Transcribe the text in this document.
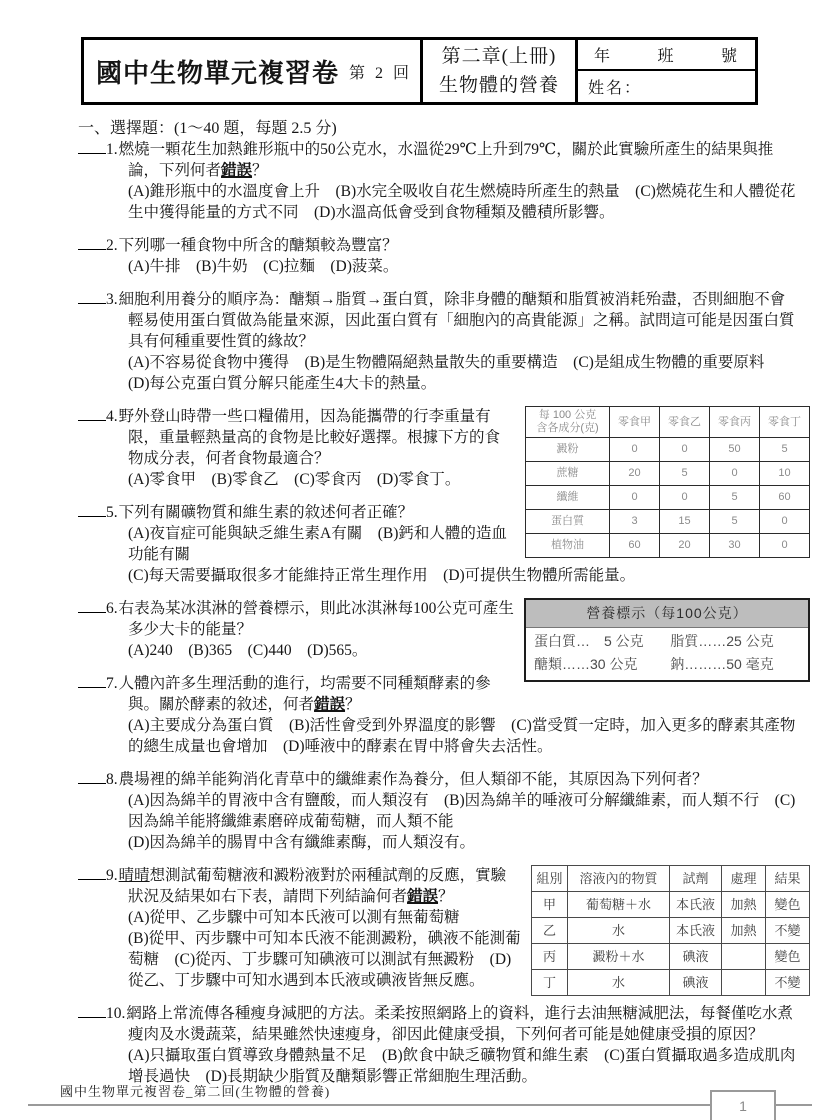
國中生物單元複習卷 第 2 回
第二章(上冊)
生物體的營養
年	班	號
姓名：
一、選擇題：(1～40 題，每題 2.5 分)
1.燃燒一顆花生加熱錐形瓶中的50公克水，水溫從29℃上升到79℃，關於此實驗所產生的結果與推論，下列何者錯誤？
(A)錐形瓶中的水溫度會上升　(B)水完全吸收自花生燃燒時所產生的熱量　(C)燃燒花生和人體從花生中獲得能量的方式不同　(D)水溫高低會受到食物種類及體積所影響。
2.下列哪一種食物中所含的醣類較為豐富？
(A)牛排　(B)牛奶　(C)拉麵　(D)菠菜。
3.細胞利用養分的順序為：醣類→脂質→蛋白質，除非身體的醣類和脂質被消耗殆盡，否則細胞不會輕易使用蛋白質做為能量來源，因此蛋白質有「細胞內的高貴能源」之稱。試問這可能是因蛋白質具有何種重要性質的緣故？
(A)不容易從食物中獲得　(B)是生物體隔絕熱量散失的重要構造　(C)是組成生物體的重要原料　(D)每公克蛋白質分解只能產生4大卡的熱量。
每 100 公克
含各成分(克)	零食甲	零食乙	零食丙	零食丁
澱粉	0	0	50	5
蔗糖	20	5	0	10
纖維	0	0	5	60
蛋白質	3	15	5	0
植物油	60	20	30	0
4.野外登山時帶一些口糧備用，因為能攜帶的行李重量有限，重量輕熱量高的食物是比較好選擇。根據下方的食物成分表，何者食物最適合？
(A)零食甲　(B)零食乙　(C)零食丙　(D)零食丁。
5.下列有關礦物質和維生素的敘述何者正確？
(A)夜盲症可能與缺乏維生素A有關　(B)鈣和人體的造血功能有關
(C)每天需要攝取很多才能維持正常生理作用　(D)可提供生物體所需能量。
營養標示（每100公克）
蛋白質…　5 公克	脂質……25 公克
醣類……30 公克	鈉………50 毫克
6.右表為某冰淇淋的營養標示，則此冰淇淋每100公克可產生多少大卡的能量？
(A)240　(B)365　(C)440　(D)565。
7.人體內許多生理活動的進行，均需要不同種類酵素的參與。關於酵素的敘述，何者錯誤？
(A)主要成分為蛋白質　(B)活性會受到外界溫度的影響　(C)當受質一定時，加入更多的酵素其產物的總生成量也會增加　(D)唾液中的酵素在胃中將會失去活性。
8.農場裡的綿羊能夠消化青草中的纖維素作為養分，但人類卻不能，其原因為下列何者？
(A)因為綿羊的胃液中含有鹽酸，而人類沒有　(B)因為綿羊的唾液可分解纖維素，而人類不行　(C)因為綿羊能將纖維素磨碎成葡萄糖，而人類不能
(D)因為綿羊的腸胃中含有纖維素酶，而人類沒有。
組別	溶液內的物質	試劑	處理	結果
甲	葡萄糖＋水	本氏液	加熱	變色
乙	水	本氏液	加熱	不變
丙	澱粉＋水	碘液		變色
丁	水	碘液		不變
9.晴晴想測試葡萄糖液和澱粉液對於兩種試劑的反應，實驗狀況及結果如右下表，請問下列結論何者錯誤？
(A)從甲、乙步驟中可知本氏液可以測有無葡萄糖
(B)從甲、丙步驟中可知本氏液不能測澱粉，碘液不能測葡萄糖　(C)從丙、丁步驟可知碘液可以測試有無澱粉　(D)從乙、丁步驟中可知水遇到本氏液或碘液皆無反應。
10.網路上常流傳各種瘦身減肥的方法。柔柔按照網路上的資料，進行去油無糖減肥法，每餐僅吃水煮瘦肉及水燙蔬菜，結果雖然快速瘦身，卻因此健康受損，下列何者可能是她健康受損的原因？
(A)只攝取蛋白質導致身體熱量不足　(B)飲食中缺乏礦物質和維生素　(C)蛋白質攝取過多造成肌肉增長過快　(D)長期缺少脂質及醣類影響正常細胞生理活動。
國中生物單元複習卷_第二回(生物體的營養)
1
